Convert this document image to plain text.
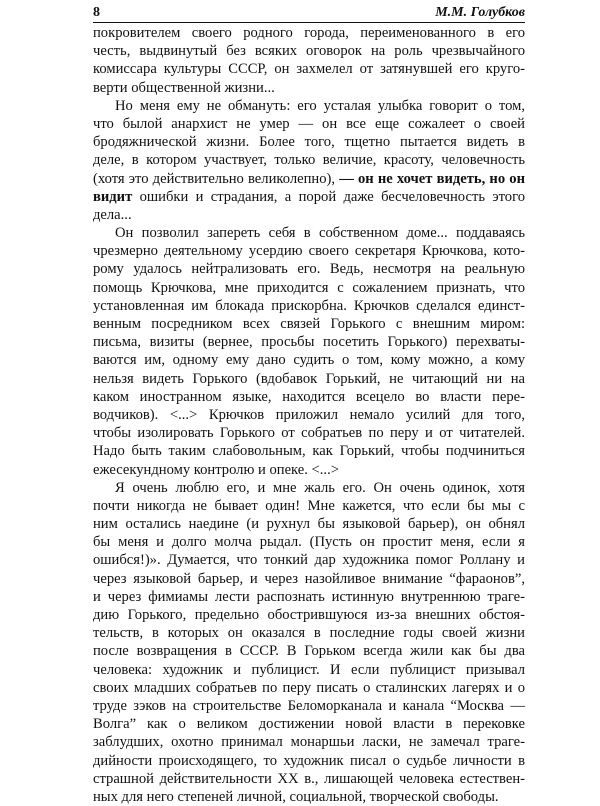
8	М.М. Голубков
покровителем своего родного города, переименованного в его
честь, выдвинутый без всяких оговорок на роль чрезвычайного
комиссара культуры СССР, он захмелел от затянувшей его круго-
верти общественной жизни...
Но меня ему не обмануть: его усталая улыбка говорит о том,
что былой анархист не умер — он все еще сожалеет о своей
бродяжнической жизни. Более того, тщетно пытается видеть в
деле, в котором участвует, только величие, красоту, человечность
(хотя это действительно великолепно), — он не хочет видеть, но он
видит ошибки и страдания, а порой даже бесчеловечность этого
дела...
Он позволил запереть себя в собственном доме... поддаваясь
чрезмерно деятельному усердию своего секретаря Крючкова, кото-
рому удалось нейтрализовать его. Ведь, несмотря на реальную
помощь Крючкова, мне приходится с сожалением признать, что
установленная им блокада прискорбна. Крючков сделался единст-
венным посредником всех связей Горького с внешним миром:
письма, визиты (вернее, просьбы посетить Горького) перехваты-
ваются им, одному ему дано судить о том, кому можно, а кому
нельзя видеть Горького (вдобавок Горький, не читающий ни на
каком иностранном языке, находится всецело во власти пере-
водчиков). <...> Крючков приложил немало усилий для того,
чтобы изолировать Горького от собратьев по перу и от читателей.
Надо быть таким слабовольным, как Горький, чтобы подчиниться
ежесекундному контролю и опеке. <...>
Я очень люблю его, и мне жаль его. Он очень одинок, хотя
почти никогда не бывает один! Мне кажется, что если бы мы с
ним остались наедине (и рухнул бы языковой барьер), он обнял
бы меня и долго молча рыдал. (Пусть он простит меня, если я
ошибся!)». Думается, что тонкий дар художника помог Роллану и
через языковой барьер, и через назойливое внимание “фараонов”,
и через фимиамы лести распознать истинную внутреннюю траге-
дию Горького, предельно обострившуюся из-за внешних обстоя-
тельств, в которых он оказался в последние годы своей жизни
после возвращения в СССР. В Горьком всегда жили как бы два
человека: художник и публицист. И если публицист призывал
своих младших собратьев по перу писать о сталинских лагерях и о
труде зэков на строительстве Беломорканала и канала “Москва —
Волга” как о великом достижении новой власти в перековке
заблудших, охотно принимал монаршьи ласки, не замечал траге-
дийности происходящего, то художник писал о судьбе личности в
страшной действительности XX в., лишающей человека естествен-
ных для него степеней личной, социальной, творческой свободы.
